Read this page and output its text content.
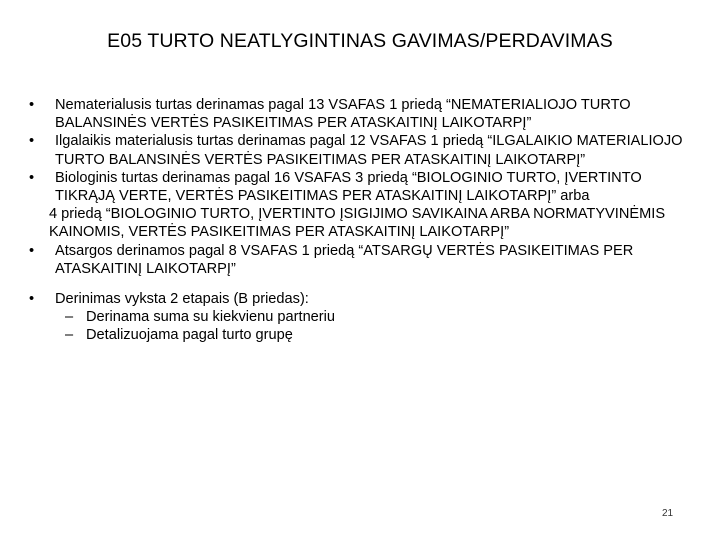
E05 TURTO NEATLYGINTINAS GAVIMAS/PERDAVIMAS
• Nematerialusis turtas derinamas pagal 13 VSAFAS 1 priedą “NEMATERIALIOJO TURTO BALANSINĖS VERTĖS PASIKEITIMAS PER ATASKAITINĮ LAIKOTARPĮ”
• Ilgalaikis materialusis turtas derinamas pagal 12 VSAFAS 1 priedą “ILGALAIKIO MATERIALIOJO TURTO BALANSINĖS VERTĖS PASIKEITIMAS PER ATASKAITINĮ LAIKOTARPĮ”
• Biologinis turtas derinamas pagal 16 VSAFAS 3 priedą “BIOLOGINIO TURTO, ĮVERTINTO TIKRĄJĄ VERTE, VERTĖS PASIKEITIMAS PER ATASKAITINĮ LAIKOTARPĮ” arba
4 priedą “BIOLOGINIO TURTO, ĮVERTINTO ĮSIGIJIMO SAVIKAINA ARBA NORMATYVINĖMIS KAINOMIS, VERTĖS PASIKEITIMAS PER ATASKAITINĮ LAIKOTARPĮ”
• Atsargos derinamos pagal 8 VSAFAS 1 priedą “ATSARGŲ VERTĖS PASIKEITIMAS PER ATASKAITINĮ LAIKOTARPĮ”
• Derinimas vyksta 2 etapais (B priedas):
– Derinama suma su kiekvienu partneriu
– Detalizuojama pagal turto grupę
21
